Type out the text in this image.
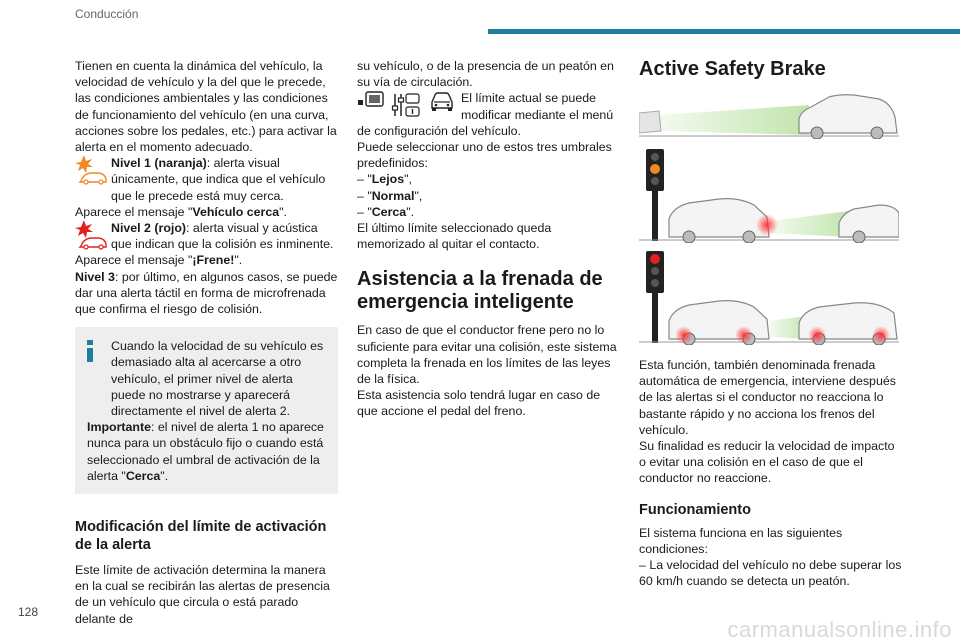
Conducción

Tienen en cuenta la dinámica del vehículo, la velocidad de vehículo y la del que le precede, las condiciones ambientales y las condiciones de funcionamiento del vehículo (en una curva, acciones sobre los pedales, etc.) para activar la alerta en el momento adecuado.

Nivel 1 (naranja): alerta visual únicamente, que indica que el vehículo que le precede está muy cerca.

Aparece el mensaje "Vehículo cerca".

Nivel 2 (rojo): alerta visual y acústica que indican que la colisión es inminente.

Aparece el mensaje "¡Frene!".

Nivel 3: por último, en algunos casos, se puede dar una alerta táctil en forma de microfrenada que confirma el riesgo de colisión.

Cuando la velocidad de su vehículo es demasiado alta al acercarse a otro vehículo, el primer nivel de alerta puede no mostrarse y aparecerá directamente el nivel de alerta 2.

Importante: el nivel de alerta 1 no aparece nunca para un obstáculo fijo o cuando está seleccionado el umbral de activación de la alerta "Cerca".

Modificación del límite de activación de la alerta

Este límite de activación determina la manera en la cual se recibirán las alertas de presencia de un vehículo que circula o está parado delante de

su vehículo, o de la presencia de un peatón en su vía de circulación.

El límite actual se puede modificar mediante el menú de configuración del vehículo.

Puede seleccionar uno de estos tres umbrales predefinidos:

– "Lejos",

– "Normal",

– "Cerca".

El último límite seleccionado queda memorizado al quitar el contacto.

Asistencia a la frenada de emergencia inteligente

En caso de que el conductor frene pero no lo suficiente para evitar una colisión, este sistema completa la frenada en los límites de las leyes de la física.

Esta asistencia solo tendrá lugar en caso de que accione el pedal del freno.

Active Safety Brake

Esta función, también denominada frenada automática de emergencia, interviene después de las alertas si el conductor no reacciona lo bastante rápido y no acciona los frenos del vehículo.

Su finalidad es reducir la velocidad de impacto o evitar una colisión en el caso de que el conductor no reaccione.

Funcionamiento

El sistema funciona en las siguientes condiciones:

– La velocidad del vehículo no debe superar los 60 km/h cuando se detecta un peatón.

128
carmanualsonline.info
